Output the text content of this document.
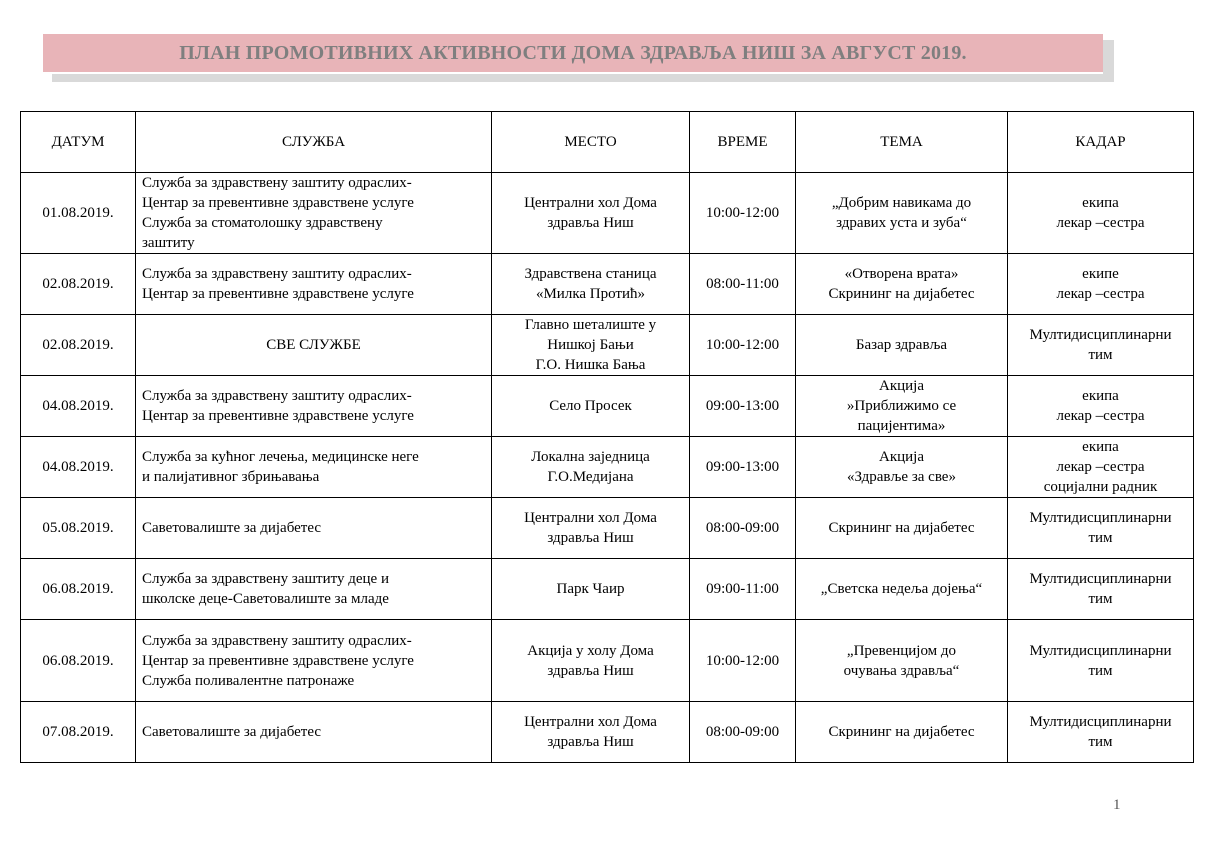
ПЛАН ПРОМОТИВНИХ АКТИВНОСТИ ДОМА ЗДРАВЉА НИШ ЗА АВГУСТ 2019.
ДАТУМ	СЛУЖБА	МЕСТО	ВРЕМЕ	ТЕМА	КАДАР
01.08.2019.	Служба за здравствену заштиту одраслих-
Центар за превентивне здравствене услуге
Служба за стоматолошку здравствену
заштиту	Централни хол Дома
здравља Ниш	10:00-12:00	„Добрим навикама до
здравих уста и зуба“	екипа
лекар –сестра
02.08.2019.	Служба за здравствену заштиту одраслих-
Центар за превентивне здравствене услуге	Здравствена станица
«Милка Протић»	08:00-11:00	«Отворена врата»
Скрининг на дијабетес	екипе
лекар –сестра
02.08.2019.	СВЕ СЛУЖБЕ	Главно шеталиште у
Нишкој Бањи
Г.О. Нишка Бања	10:00-12:00	Базар здравља	Мултидисциплинарни
тим
04.08.2019.	Служба за здравствену заштиту одраслих-
Центар за превентивне здравствене услуге	Село Просек	09:00-13:00	Акција
»Приближимо се
пацијентима»	екипа
лекар –сестра
04.08.2019.	Служба за кућног лечења, медицинске неге
и палијативног збрињавања	Локална заједница
Г.О.Медијана	09:00-13:00	Акција
«Здравље за све»	екипа
лекар –сестра
социјални радник
05.08.2019.	Саветовалиште за дијабетес	Централни хол Дома
здравља Ниш	08:00-09:00	Скрининг на дијабетес	Мултидисциплинарни
тим
06.08.2019.	Служба за здравствену заштиту деце и
школске деце-Саветовалиште за младе	Парк Чаир	09:00-11:00	„Светска недеља дојења“	Мултидисциплинарни
тим
06.08.2019.	Служба за здравствену заштиту одраслих-
Центар за превентивне здравствене услуге
Служба поливалентне патронаже	Акција у холу Дома
здравља Ниш	10:00-12:00	„Превенцијом до
очувања здравља“	Мултидисциплинарни
тим
07.08.2019.	Саветовалиште за дијабетес	Централни хол Дома
здравља Ниш	08:00-09:00	Скрининг на дијабетес	Мултидисциплинарни
тим
1
